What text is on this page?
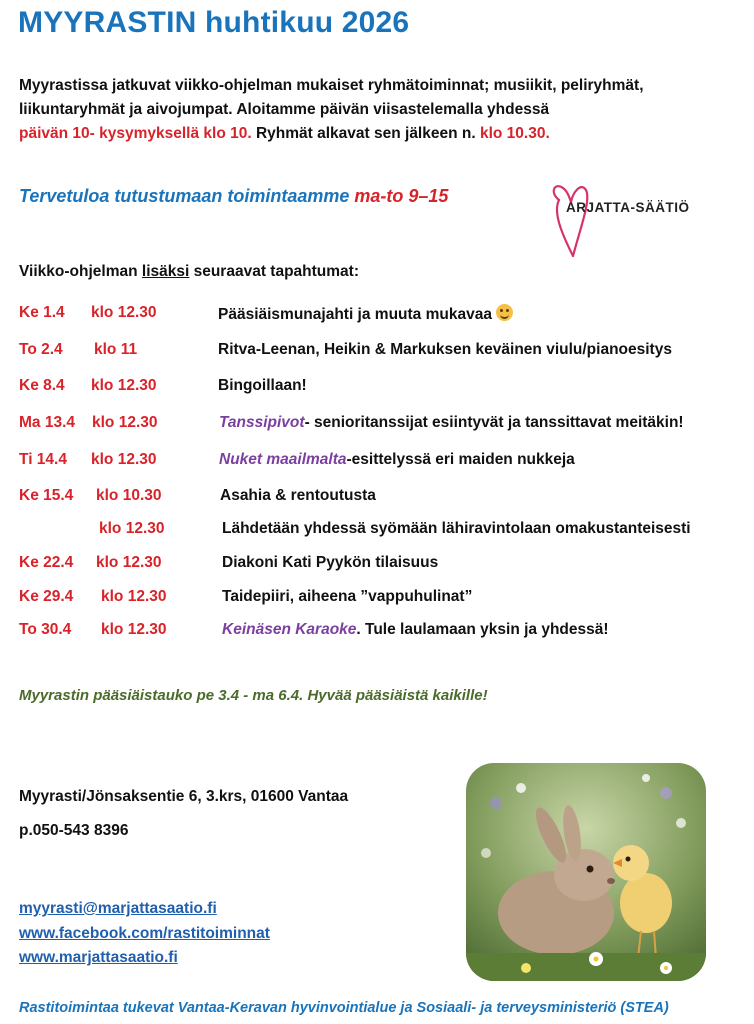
MYYRASTIN huhtikuu 2026
Myyrastissa jatkuvat viikko-ohjelman mukaiset ryhmätoiminnat; musiikit, peliryhmät,
liikuntaryhmät ja aivojumpat. Aloitamme päivän viisastelemalla yhdessä
päivän 10- kysymyksellä klo 10. Ryhmät alkavat sen jälkeen n. klo 10.30.
Tervetuloa tutustumaan toimintaamme ma-to 9–15
ARJATTA-SÄÄTIÖ
Viikko-ohjelman lisäksi seuraavat tapahtumat:
Ke 1.4 klo 12.30	Pääsiäismunajahti ja muuta mukavaa
To 2.4 klo 11	Ritva-Leenan, Heikin & Markuksen keväinen viulu/pianoesitys
Ke 8.4 klo 12.30	Bingoillaan!
Ma 13.4 klo 12.30	Tanssipivot- senioritanssijat esiintyvät ja tanssittavat meitäkin!
Ti 14.4 klo 12.30	Nuket maailmalta-esittelyssä eri maiden nukkeja
Ke 15.4 klo 10.30	Asahia & rentoutusta
klo 12.30	Lähdetään yhdessä syömään lähiravintolaan omakustanteisesti
Ke 22.4 klo 12.30	Diakoni Kati Pyykön tilaisuus
Ke 29.4 klo 12.30	Taidepiiri, aiheena ”vappuhulinat”
To 30.4 klo 12.30	Keinäsen Karaoke. Tule laulamaan yksin ja yhdessä!
Myyrastin pääsiäistauko pe 3.4 - ma 6.4. Hyvää pääsiäistä kaikille!
Myyrasti/Jönsaksentie 6, 3.krs, 01600 Vantaa
p.050-543 8396
myyrasti@marjattasaatio.fi
www.facebook.com/rastitoiminnat
www.marjattasaatio.fi
Rastitoimintaa tukevat Vantaa-Keravan hyvinvointialue ja Sosiaali- ja terveysministeriö (STEA)
